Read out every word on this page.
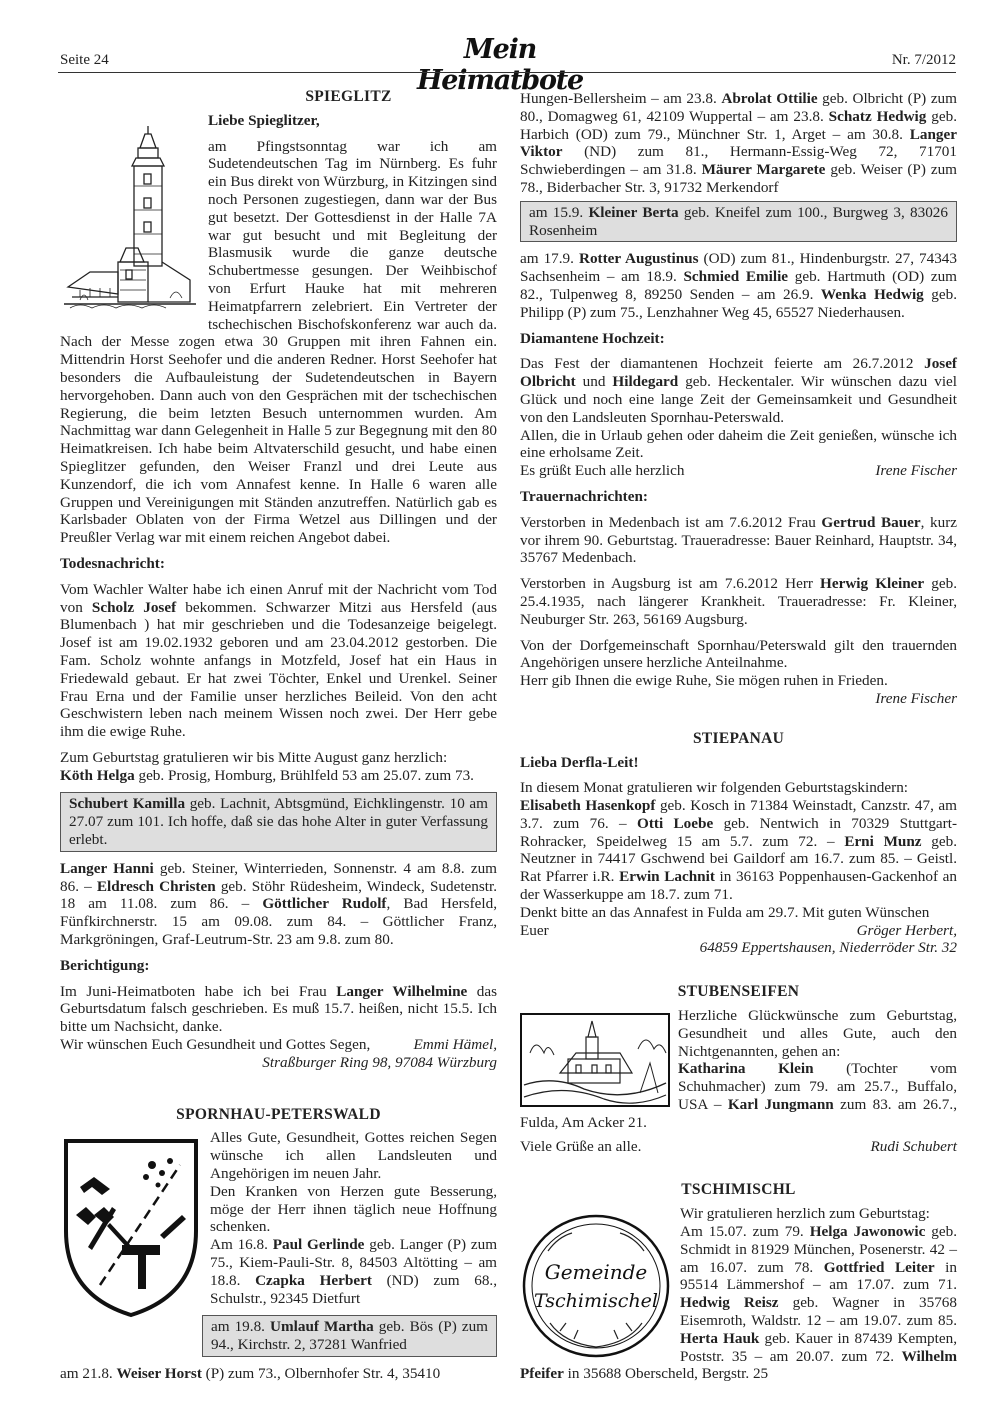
Seite 24	Mein Heimatbote
Nr. 7/2012
SPIEGLITZ

Liebe Spieglitzer,

am Pfingstsonntag war ich am Sudetendeutschen Tag im Nürnberg. Es fuhr ein Bus direkt von Würzburg, in Kitzingen sind noch Personen zugestiegen, dann war der Bus gut besetzt. Der Gottesdienst in der Halle 7A war gut besucht und mit Begleitung der Blasmusik wurde die ganze deutsche Schubertmesse gesungen. Der Weihbischof von Erfurt Hauke hat mit mehreren Heimatpfarrern zelebriert. Ein Vertreter der tschechischen Bischofskonferenz war auch da. Nach der Messe zogen etwa 30 Gruppen mit ihren Fahnen ein. Mittendrin Horst Seehofer und die anderen Redner. Horst Seehofer hat besonders die Aufbauleistung der Sudetendeutschen in Bayern hervorgehoben. Dann auch von den Gesprächen mit der tschechischen Regierung, die beim letzten Besuch unternommen wurden. Am Nachmittag war dann Gelegenheit in Halle 5 zur Begegnung mit den 80 Heimatkreisen. Ich habe beim Altvaterschild gesucht, und habe einen Spieglitzer gefunden, den Weiser Franzl und drei Leute aus Kunzendorf, die ich vom Annafest kenne. In Halle 6 waren alle Gruppen und Vereinigungen mit Ständen anzutreffen. Natürlich gab es Karlsbader Oblaten von der Firma Wetzel aus Dillingen und der Preußler Verlag war mit einem reichen Angebot dabei.

Todesnachricht:

Vom Wachler Walter habe ich einen Anruf mit der Nachricht vom Tod von Scholz Josef bekommen. Schwarzer Mitzi aus Hersfeld (aus Blumenbach ) hat mir geschrieben und die Todesanzeige beigelegt. Josef ist am 19.02.1932 geboren und am 23.04.2012 gestorben. Die Fam. Scholz wohnte anfangs in Motzfeld, Josef hat ein Haus in Friedewald gebaut. Er hat zwei Töchter, Enkel und Urenkel. Seiner Frau Erna und der Familie unser herzliches Beileid. Von den acht Geschwistern leben nach meinem Wissen noch zwei. Der Herr gebe ihm die ewige Ruhe.

Zum Geburtstag gratulieren wir bis Mitte August ganz herzlich:

Köth Helga geb. Prosig, Homburg, Brühlfeld 53 am 25.07. zum 73.

Schubert Kamilla geb. Lachnit, Abtsgmünd, Eichklingenstr. 10 am 27.07 zum 101. Ich hoffe, daß sie das hohe Alter in guter Verfassung erlebt.

Langer Hanni geb. Steiner, Winterrieden, Sonnenstr. 4 am 8.8. zum 86. – Eldresch Christen geb. Stöhr Rüdesheim, Windeck, Sudetenstr. 18 am 11.08. zum 86. – Göttlicher Rudolf, Bad Hersfeld, Fünfkirchnerstr. 15 am 09.08. zum 84. – Göttlicher Franz, Markgröningen, Graf-Leutrum-Str. 23 am 9.8. zum 80.

Berichtigung:

Im Juni-Heimatboten habe ich bei Frau Langer Wilhelmine das Geburtsdatum falsch geschrieben. Es muß 15.7. heißen, nicht 15.5. Ich bitte um Nachsicht, danke.

Wir wünschen Euch Gesundheit und Gottes Segen,	Emmi Hämel,
Straßburger Ring 98, 97084 Würzburg
SPORNHAU-PETERSWALD

Alles Gute, Gesundheit, Gottes reichen Segen wünsche ich allen Landsleuten und Angehörigen im neuen Jahr.

Den Kranken von Herzen gute Besserung, möge der Herr ihnen täglich neue Hoffnung schenken.

Am 16.8. Paul Gerlinde geb. Langer (P) zum 75., Kiem-Pauli-Str. 8, 84503 Altötting – am 18.8. Czapka Herbert (ND) zum 68., Schulstr., 92345 Dietfurt

am 19.8. Umlauf Martha geb. Bös (P) zum 94., Kirchstr. 2, 37281 Wanfried

am 21.8. Weiser Horst (P) zum 73., Olbernhofer Str. 4, 35410

Hungen-Bellersheim – am 23.8. Abrolat Ottilie geb. Olbricht (P) zum 80., Domagweg 61, 42109 Wuppertal – am 23.8. Schatz Hedwig geb. Harbich (OD) zum 79., Münchner Str. 1, Arget – am 30.8. Langer Viktor (ND) zum 81., Hermann-Essig-Weg 72, 71701 Schwieberdingen – am 31.8. Mäurer Margarete geb. Weiser (P) zum 78., Biderbacher Str. 3, 91732 Merkendorf

am 15.9. Kleiner Berta geb. Kneifel zum 100., Burgweg 3, 83026 Rosenheim

am 17.9. Rotter Augustinus (OD) zum 81., Hindenburgstr. 27, 74343 Sachsenheim – am 18.9. Schmied Emilie geb. Hartmuth (OD) zum 82., Tulpenweg 8, 89250 Senden – am 26.9. Wenka Hedwig geb. Philipp (P) zum 75., Lenzhahner Weg 45, 65527 Niederhausen.

Diamantene Hochzeit:

Das Fest der diamantenen Hochzeit feierte am 26.7.2012 Josef Olbricht und Hildegard geb. Heckentaler. Wir wünschen dazu viel Glück und noch eine lange Zeit der Gemeinsamkeit und Gesundheit von den Landsleuten Spornhau-Peterswald.

Allen, die in Urlaub gehen oder daheim die Zeit genießen, wünsche ich eine erholsame Zeit.

Es grüßt Euch alle herzlich	Irene Fischer

Trauernachrichten:

Verstorben in Medenbach ist am 7.6.2012 Frau Gertrud Bauer, kurz vor ihrem 90. Geburtstag. Traueradresse: Bauer Reinhard, Hauptstr. 34, 35767 Medenbach.

Verstorben in Augsburg ist am 7.6.2012 Herr Herwig Kleiner geb. 25.4.1935, nach längerer Krankheit. Traueradresse: Fr. Kleiner, Neuburger Str. 263, 56169 Augsburg.

Von der Dorfgemeinschaft Spornhau/Peterswald gilt den trauernden Angehörigen unsere herzliche Anteilnahme.

Herr gib Ihnen die ewige Ruhe, Sie mögen ruhen in Frieden.

Irene Fischer
STIEPANAU

Lieba Derfla-Leit!

In diesem Monat gratulieren wir folgenden Geburtstagskindern:

Elisabeth Hasenkopf geb. Kosch in 71384 Weinstadt, Canzstr. 47, am 3.7. zum 76. – Otti Loebe geb. Nentwich in 70329 Stuttgart-Rohracker, Speidelweg 15 am 5.7. zum 72. – Erni Munz geb. Neutzner in 74417 Gschwend bei Gaildorf am 16.7. zum 85. – Geistl. Rat Pfarrer i.R. Erwin Lachnit in 36163 Poppenhausen-Gackenhof an der Wasserkuppe am 18.7. zum 71.

Denkt bitte an das Annafest in Fulda am 29.7. Mit guten Wünschen

Euer	Gröger Herbert,
64859 Eppertshausen, Niederröder Str. 32
STUBENSEIFEN

Herzliche Glückwünsche zum Geburtstag, Gesundheit und alles Gute, auch den Nichtgenannten, gehen an:

Katharina Klein (Tochter vom Schuhmacher) zum 79. am 25.7., Buffalo, USA – Karl Jungmann zum 83. am 26.7., Fulda, Am Acker 21.

Viele Grüße an alle.	Rudi Schubert
TSCHIMISCHL
Gemeinde
Tschimischel

Wir gratulieren herzlich zum Geburtstag:

Am 15.07. zum 79. Helga Jawonowic geb. Schmidt in 81929 München, Posenerstr. 42 – am 16.07. zum 78. Gottfried Leiter in 95514 Lämmershof – am 17.07. zum 71. Hedwig Reisz geb. Wagner in 35768 Eisemroth, Waldstr. 12 – am 19.07. zum 85. Herta Hauk geb. Kauer in 87439 Kempten, Poststr. 35 – am 20.07. zum 72. Wilhelm Pfeifer in 35688 Oberscheld, Bergstr. 25
